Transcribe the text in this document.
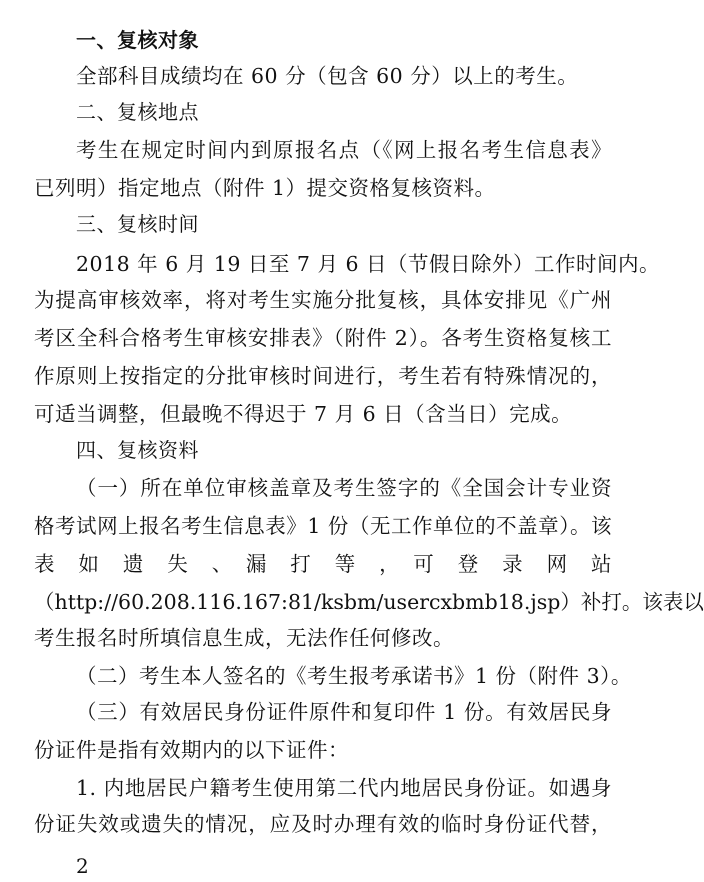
一、复核对象
全部科目成绩均在 60 分（包含 60 分）以上的考生。
二、复核地点
考生在规定时间内到原报名点（《网上报名考生信息表》
已列明）指定地点（附件 1）提交资格复核资料。
三、复核时间
2018 年 6 月 19 日至 7 月 6 日（节假日除外）工作时间内。
为提高审核效率，将对考生实施分批复核，具体安排见《广州
考区全科合格考生审核安排表》（附件 2）。各考生资格复核工
作原则上按指定的分批审核时间进行，考生若有特殊情况的，
可适当调整，但最晚不得迟于 7 月 6 日（含当日）完成。
四、复核资料
（一）所在单位审核盖章及考生签字的《全国会计专业资
格考试网上报名考生信息表》1 份（无工作单位的不盖章）。该
表　如　遗　失　、　漏　打　等　，　可　登　录　网　站
（http://60.208.116.167:81/ksbm/usercxbmb18.jsp）补打。该表以
考生报名时所填信息生成，无法作任何修改。
（二）考生本人签名的《考生报考承诺书》1 份（附件 3）。
（三）有效居民身份证件原件和复印件 1 份。有效居民身
份证件是指有效期内的以下证件：
1. 内地居民户籍考生使用第二代内地居民身份证。如遇身
份证失效或遗失的情况，应及时办理有效的临时身份证代替，
2
